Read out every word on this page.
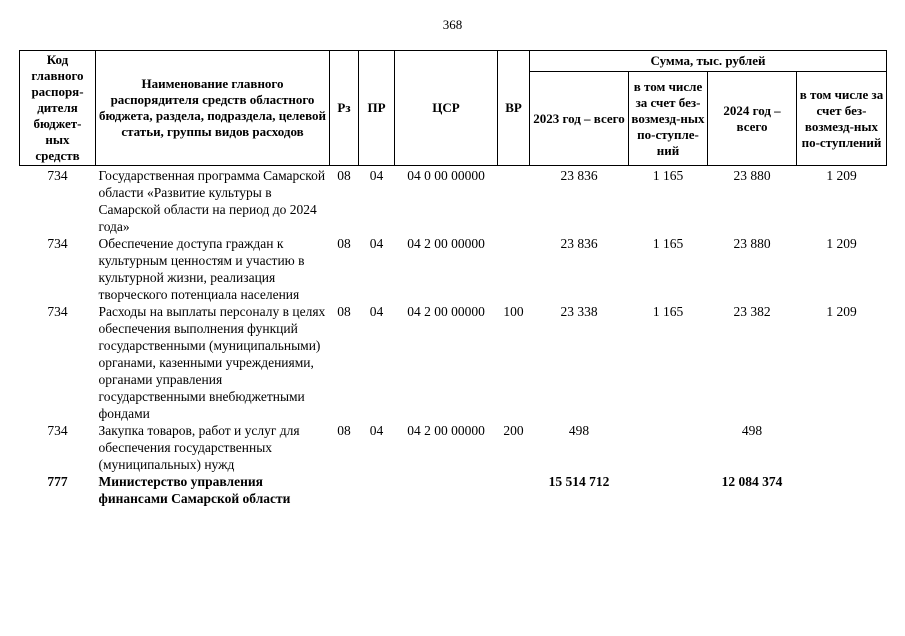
368
Код главного распоря-дителя бюджет-ных средств	Наименование главного распорядителя средств областного бюджета, раздела, подраздела, целевой статьи, группы видов расходов	Рз	ПР	ЦСР	ВР	Сумма, тыс. рублей			
						2023 год – всего	в том числе за счет без-возмезд-ных по-ступле-ний	2024 год – всего	в том числе за счет без-возмезд-ных по-ступлений
734	Государственная программа Самарской области «Развитие культуры в Самарской области на период до 2024 года»	08	04	04 0 00 00000		23 836	1 165	23 880	1 209
734	Обеспечение доступа граждан к культурным ценностям и участию в культурной жизни, реализация творческого потенциала населения	08	04	04 2 00 00000		23 836	1 165	23 880	1 209
734	Расходы на выплаты персоналу в целях обеспечения выполнения функций государственными (муниципальными) органами, казенными учреждениями, органами управления государственными внебюджетными фондами	08	04	04 2 00 00000	100	23 338	1 165	23 382	1 209
734	Закупка товаров, работ и услуг для обеспечения государственных (муниципальных) нужд	08	04	04 2 00 00000	200	498		498	
777	Министерство управления финансами Самарской области					15 514 712		12 084 374	
